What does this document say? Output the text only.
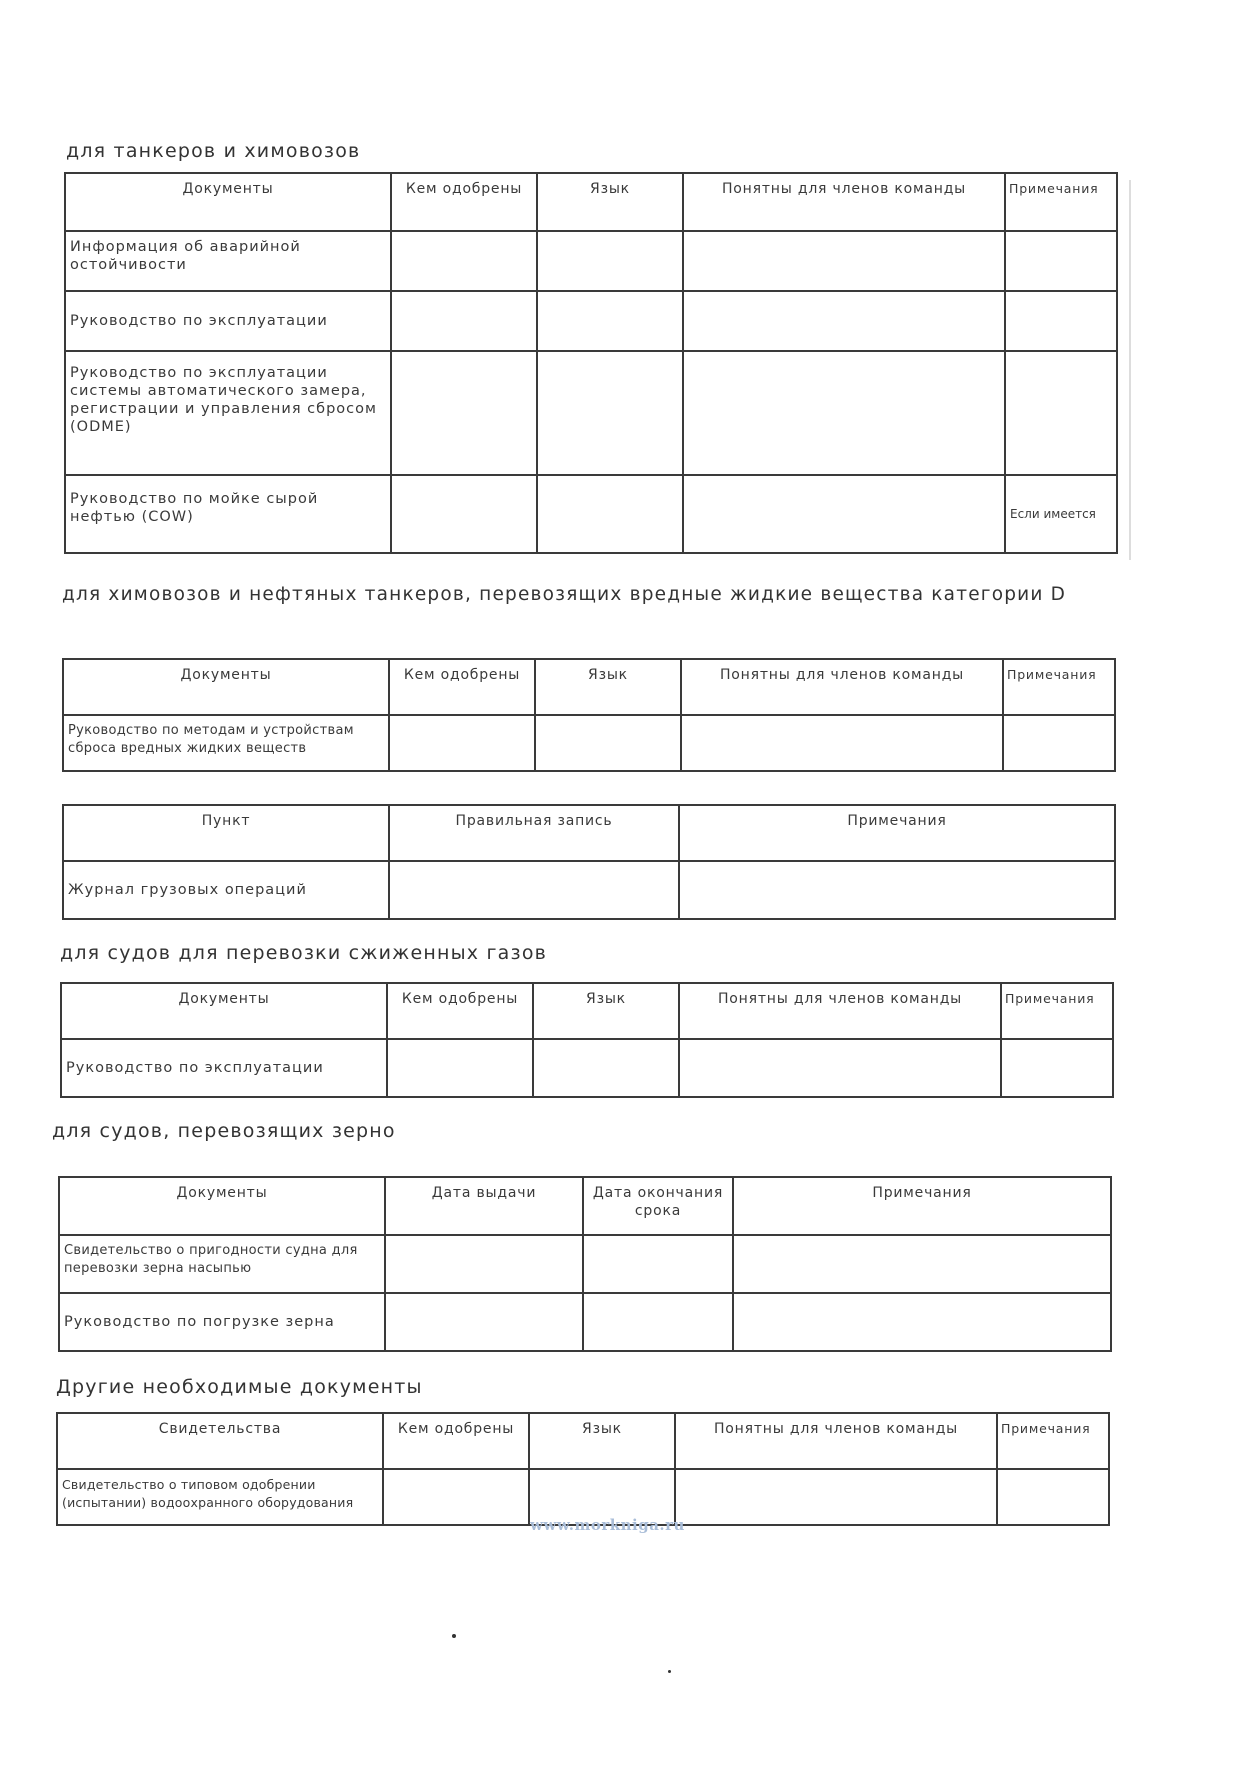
для танкеров и химовозов
Документы	Кем одобрены	Язык	Понятны для членов команды	Примечания
Информация об аварийной остойчивости				
Руководство по эксплуатации				
Руководство по эксплуатации системы автоматического замера, регистрации и управления сбросом (ODME)				
Руководство по мойке сырой нефтью (COW)				Если имеется
для химовозов и нефтяных танкеров, перевозящих вредные жидкие вещества категории D
Документы	Кем одобрены	Язык	Понятны для членов команды	Примечания
Руководство по методам и устройствам сброса вредных жидких веществ				
Пункт	Правильная запись	Примечания
Журнал грузовых операций		
для судов для перевозки сжиженных газов
Документы	Кем одобрены	Язык	Понятны для членов команды	Примечания
Руководство по эксплуатации				
для судов, перевозящих зерно
Документы	Дата выдачи	Дата окончания срока	Примечания
Свидетельство о пригодности судна для перевозки зерна насыпью			
Руководство по погрузке зерна			
Другие необходимые документы
Свидетельства	Кем одобрены	Язык	Понятны для членов команды	Примечания
Свидетельство о типовом одобрении (испытании) водоохранного оборудования				
www.morkniga.ru
